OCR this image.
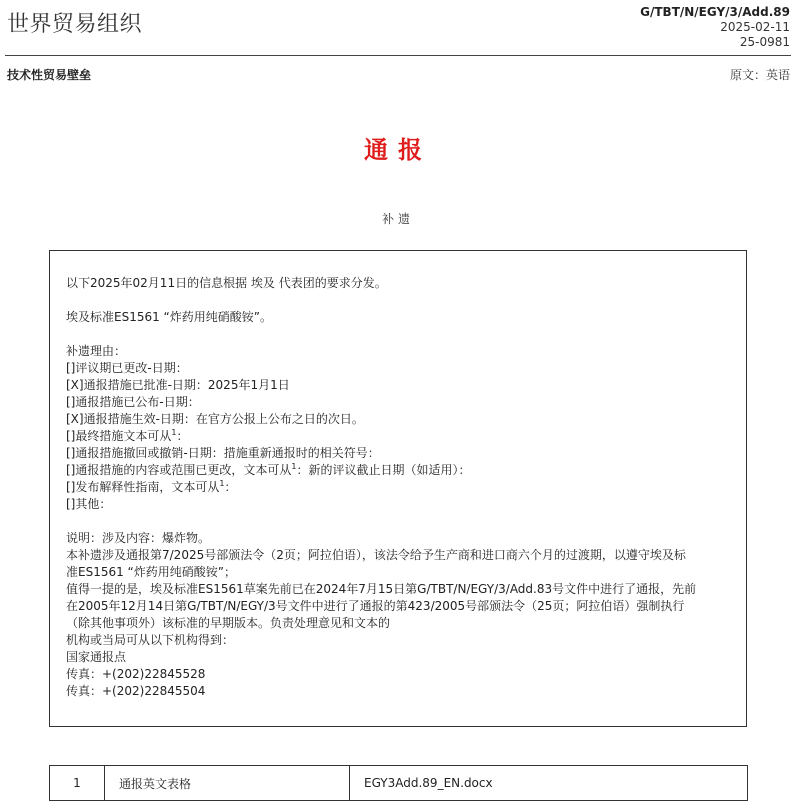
世界贸易组织	G/TBT/N/EGY/3/Add.89
2025-02-11
25-0981
技术性贸易壁垒	原文：英语
通报
补遗

以下2025年02月11日的信息根据 埃及 代表团的要求分发。

埃及标准ES1561 “炸药用纯硝酸铵”。

补遗理由：

[]评议期已更改-日期：

[X]通报措施已批准-日期：2025年1月1日

[]通报措施已公布-日期：

[X]通报措施生效-日期：在官方公报上公布之日的次日。

[]最终措施文本可从$^1$：

[]通报措施撤回或撤销-日期：措施重新通报时的相关符号：

[]通报措施的内容或范围已更改，文本可从$^1$：新的评议截止日期（如适用）：

[]发布解释性指南，文本可从$^1$：

[]其他：

说明：涉及内容：爆炸物。

本补遗涉及通报第7/2025号部颁法令（2页；阿拉伯语），该法令给予生产商和进口商六个月的过渡期，以遵守埃及标

准ES1561 “炸药用纯硝酸铵”；

值得一提的是，埃及标准ES1561草案先前已在2024年7月15日第G/TBT/N/EGY/3/Add.83号文件中进行了通报，先前

在2005年12月14日第G/TBT/N/EGY/3号文件中进行了通报的第423/2005号部颁法令（25页；阿拉伯语）强制执行

（除其他事项外）该标准的早期版本。负责处理意见和文本的

机构或当局可从以下机构得到：

国家通报点

传真：+(202)22845528

传真：+(202)22845504

1	通报英文表格	EGY3Add.89_EN.docx
